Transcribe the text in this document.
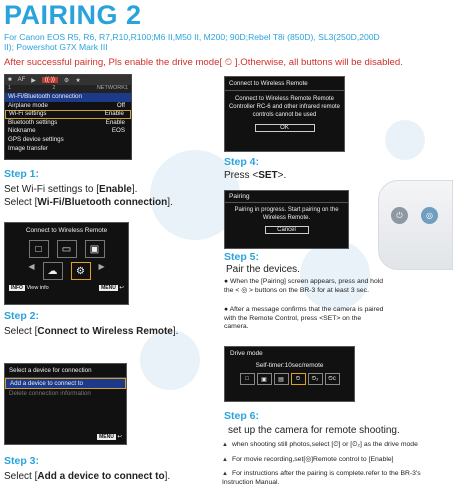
PAIRING 2
For Canon EOS R5, R6, R7,R10,R100;M6 II,M50 II, M200; 90D;Rebel T8i (850D), SL3(250D,200D II); Powershot G7X Mark III
After successful pairing, Pls enable the drive mode[ ⏲ ].Otherwise, all buttons will be disabled.
■ AF ▶	((·))	⚙ ★
1	2	NETWORK1
Wi-Fi/Bluetooth connection
Airplane mode	Off
Wi-Fi settings	Enable
Bluetooth settings	Enable
Nickname	EOS
GPS device settings
Image transfer
Step 1:
Set Wi-Fi settings to [Enable].
Select [Wi-Fi/Bluetooth connection].
Connect to Wireless Remote
□	▭	▣
◀	☁	⚙	▶
INFO View info	MENU ↩
Step 2:
Select [Connect to Wireless Remote].
Select a device for connection
Add a device to connect to
Delete connection information
MENU ↩
Step 3:
Select [Add a device to connect to].
Connect to Wireless Remote
Connect to Wireless Remote Remote Controller RC-6 and other infrared remote controls cannot be used
OK
Step 4:
Press <SET>.
Pairing
Pairing in progress. Start pairing on the Wireless Remote.
Cancel
⏻	◎
Step 5:
Pair the devices.
● When the [Pairing] screen appears, press and hold the < ◎ > buttons on the BR-3 for at least 3 sec.
● After a message confirms that the camera is paired with the Remote Control, press <SET> on the camera.
Drive mode
Self-timer:10sec/remote
□	▣	▤	⏲	⏲₂	⏲c
Step 6:
set up the camera for remote shooting.
▲ when shooting still photos,select [⏲] or [⏲₂] as the drive mode
▲ For movie recording,set[◎]Remote control to [Enable]
▲ For instructions after the pairing is complete.refer to the BR-3's Instruction Manual.
